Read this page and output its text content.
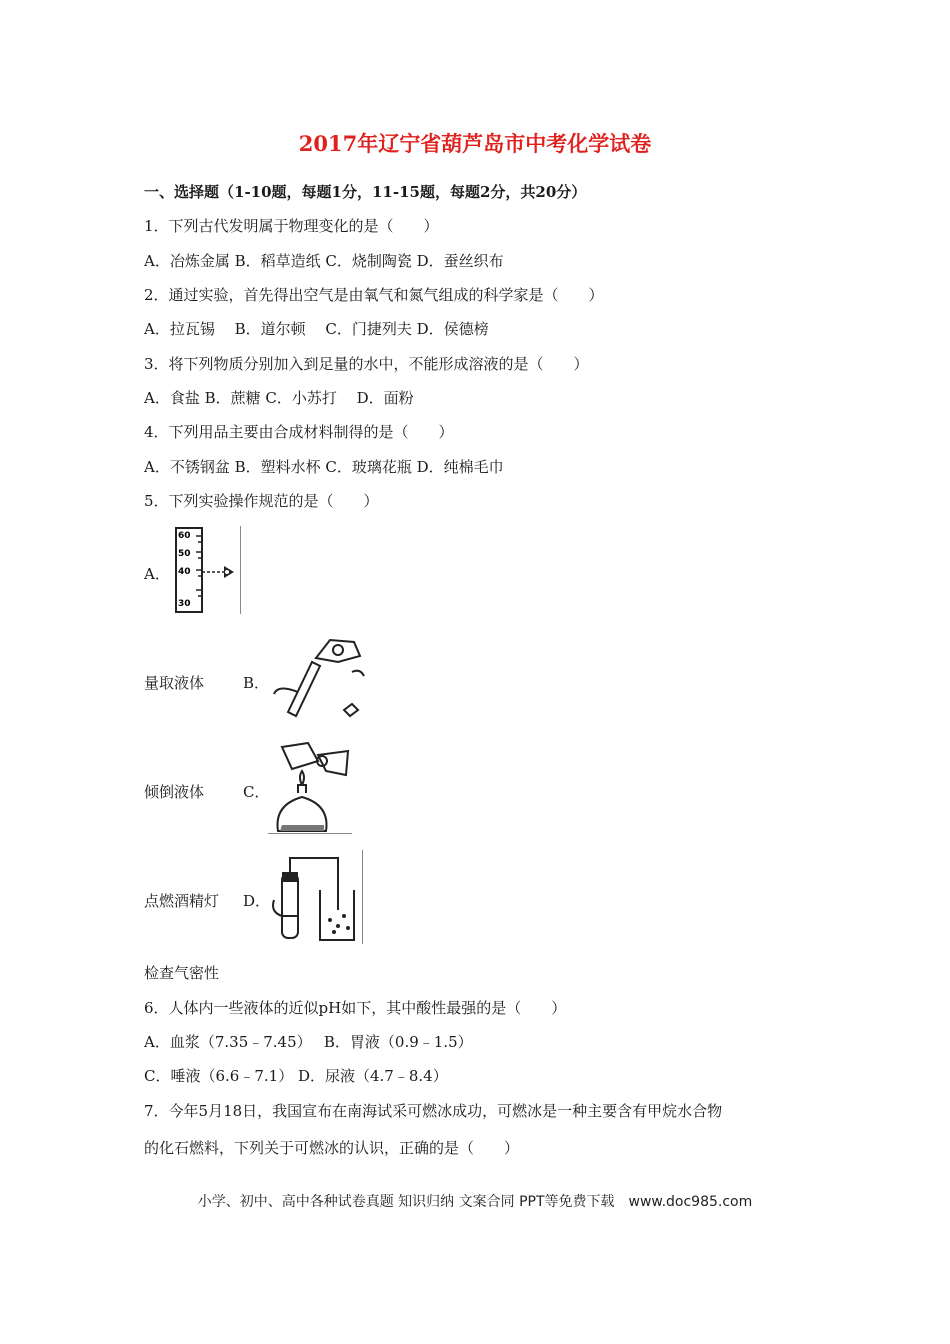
2017年辽宁省葫芦岛市中考化学试卷
一、选择题（1-10题，每题1分，11-15题，每题2分，共20分）
1．下列古代发明属于物理变化的是（　　）
A．冶炼金属 B．稻草造纸 C．烧制陶瓷 D．蚕丝织布
2．通过实验，首先得出空气是由氧气和氮气组成的科学家是（　　）
A．拉瓦锡　 B．道尔顿　 C．门捷列夫 D．侯德榜
3．将下列物质分别加入到足量的水中，不能形成溶液的是（　　）
A．食盐 B．蔗糖 C．小苏打　 D．面粉
4．下列用品主要由合成材料制得的是（　　）
A．不锈钢盆 B．塑料水杯 C．玻璃花瓶 D．纯棉毛巾
5．下列实验操作规范的是（　　）
A．
60
50
40
30
量取液体	B．
倾倒液体	C．
点燃酒精灯 D．
检查气密性
6．人体内一些液体的近似pH如下，其中酸性最强的是（　　）
A．血浆（7.35﹣7.45）　 B．胃液（0.9﹣1.5）
C．唾液（6.6﹣7.1） D．尿液（4.7﹣8.4）
7．今年5月18日，我国宣布在南海试采可燃冰成功，可燃冰是一种主要含有甲烷水合物
的化石燃料，下列关于可燃冰的认识，正确的是（　　）
小学、初中、高中各种试卷真题 知识归纳 文案合同 PPT等免费下载　www.doc985.com
